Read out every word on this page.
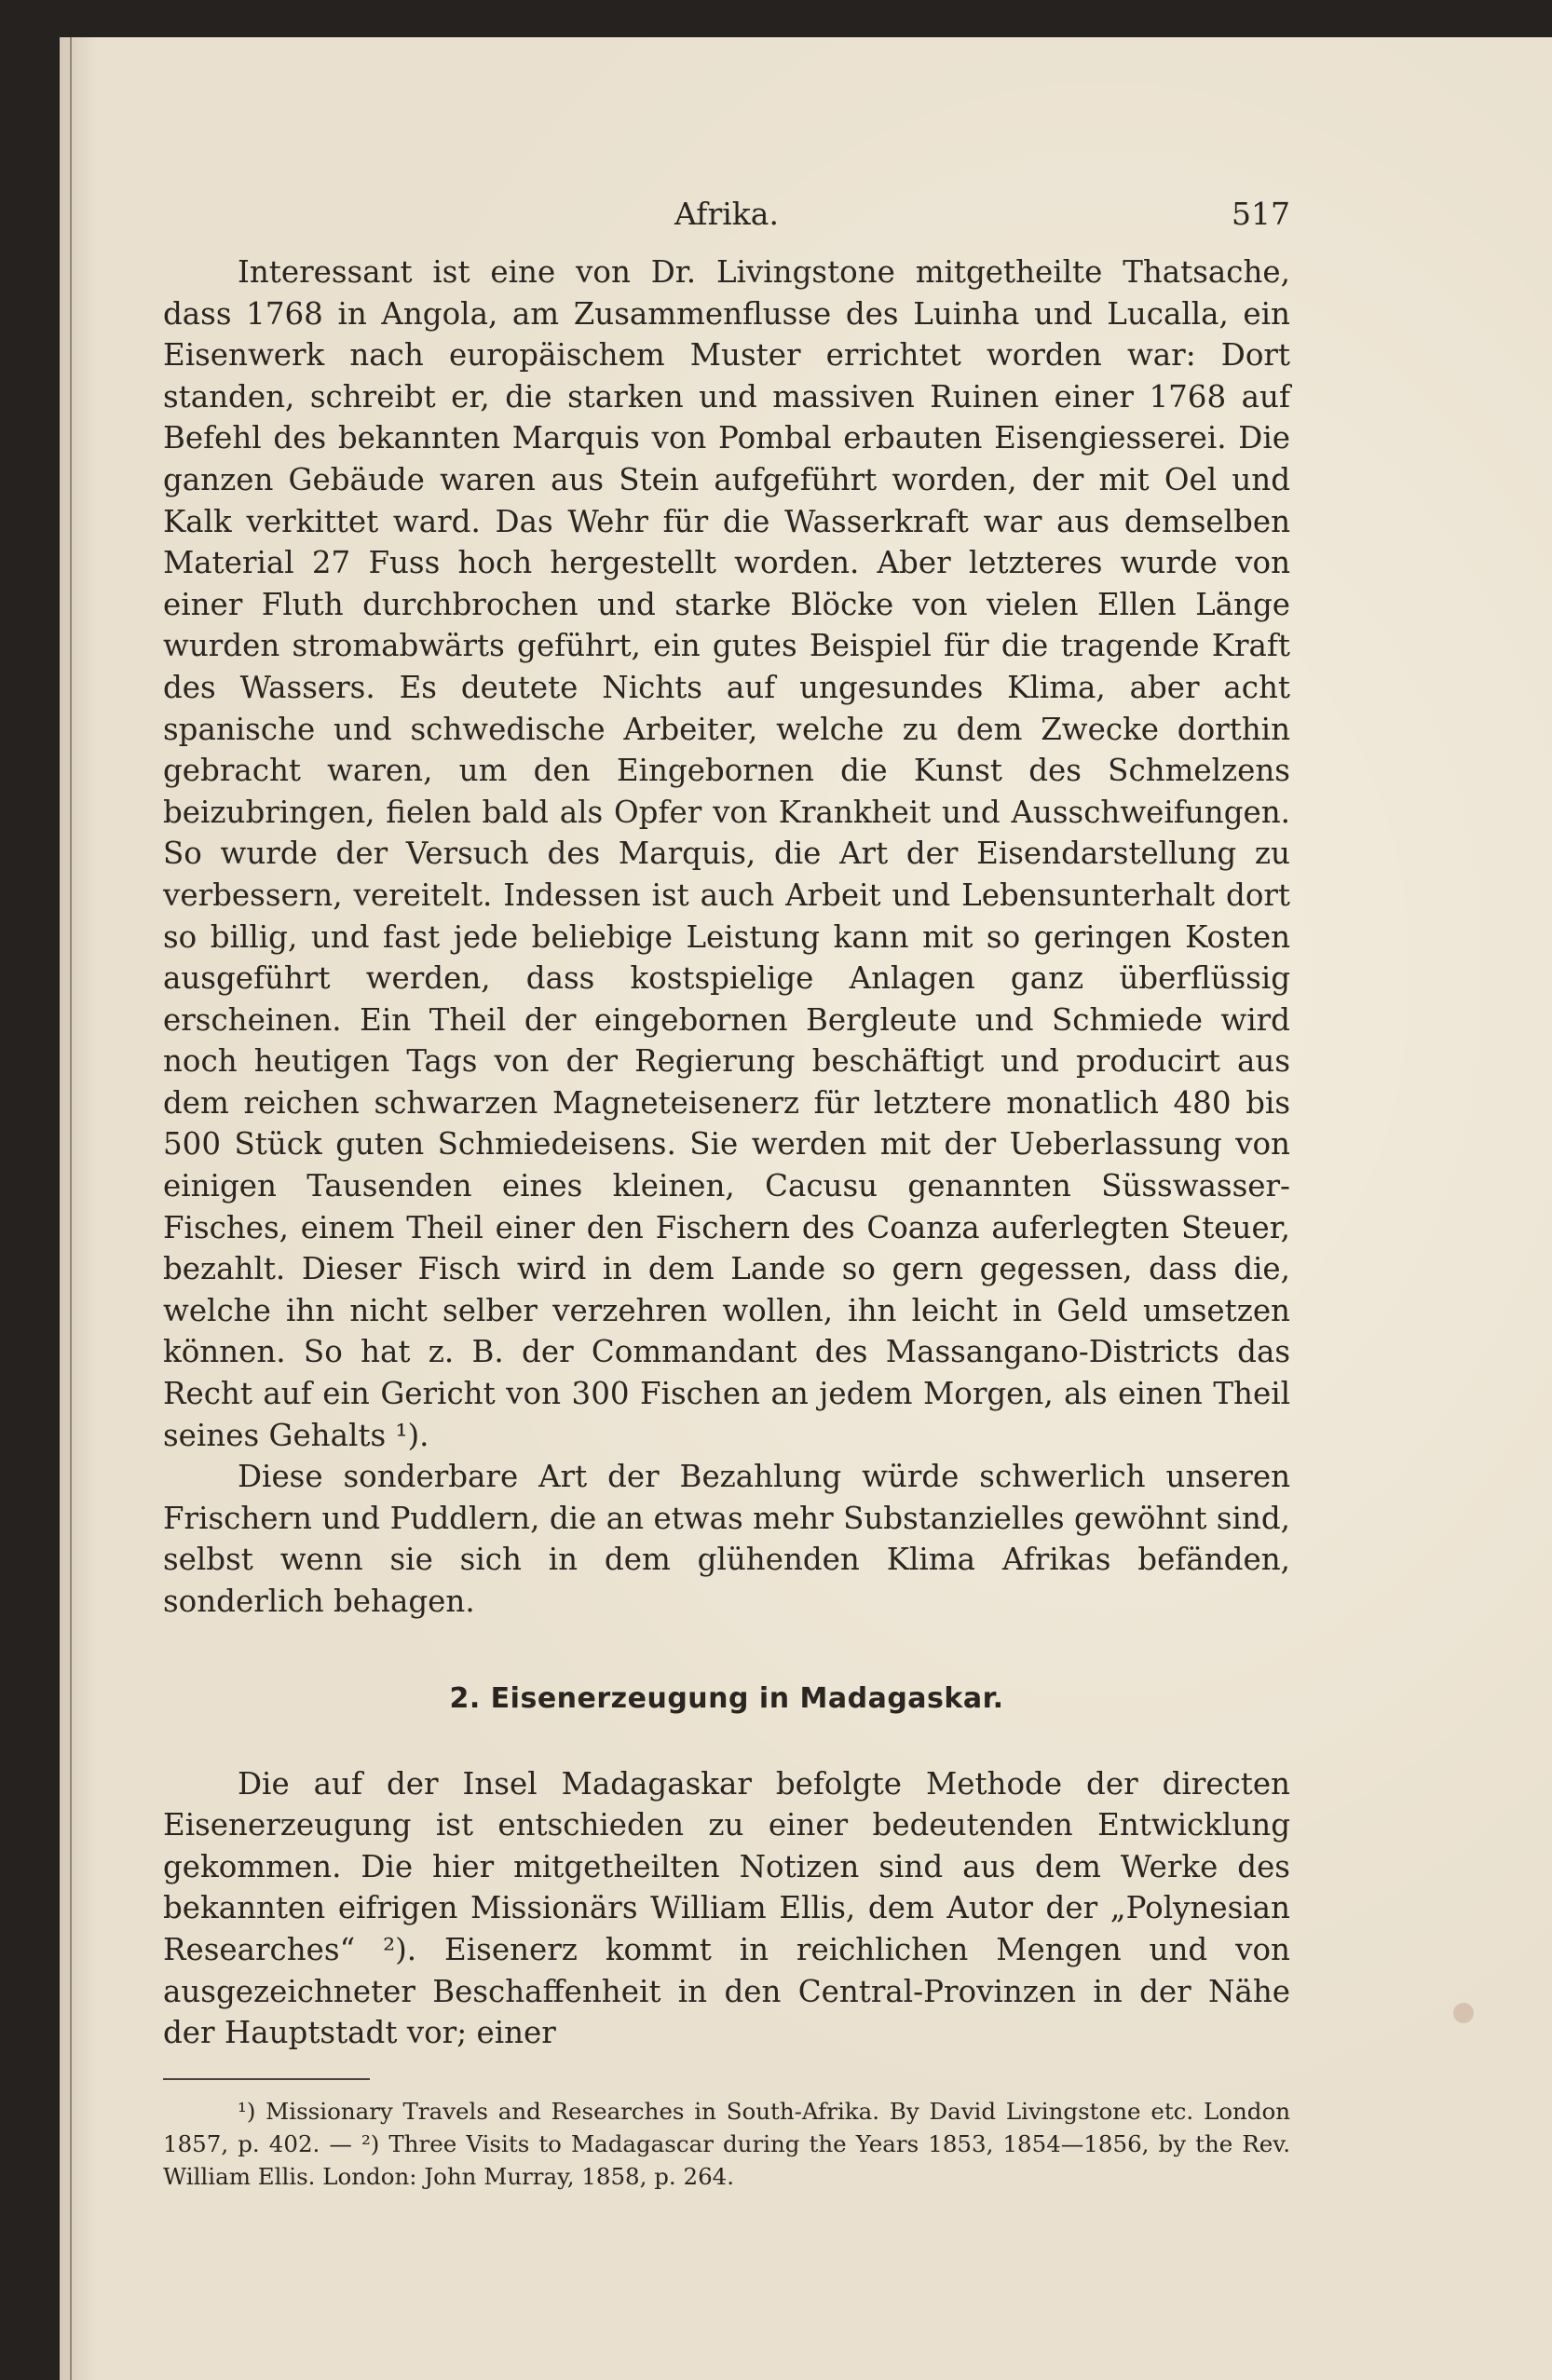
Afrika.	517

Interessant ist eine von Dr. Livingstone mitgetheilte Thatsache, dass 1768 in Angola, am Zusammenflusse des Luinha und Lucalla, ein Eisenwerk nach europäischem Muster errichtet worden war: Dort standen, schreibt er, die starken und massiven Ruinen einer 1768 auf Befehl des bekannten Marquis von Pombal erbauten Eisengiesserei. Die ganzen Gebäude waren aus Stein aufgeführt worden, der mit Oel und Kalk verkittet ward. Das Wehr für die Wasserkraft war aus demselben Material 27 Fuss hoch hergestellt worden. Aber letzteres wurde von einer Fluth durchbrochen und starke Blöcke von vielen Ellen Länge wurden stromabwärts geführt, ein gutes Beispiel für die tragende Kraft des Wassers. Es deutete Nichts auf ungesundes Klima, aber acht spanische und schwedische Arbeiter, welche zu dem Zwecke dorthin gebracht waren, um den Eingebornen die Kunst des Schmelzens beizubringen, fielen bald als Opfer von Krankheit und Ausschweifungen. So wurde der Versuch des Marquis, die Art der Eisendarstellung zu verbessern, vereitelt. Indessen ist auch Arbeit und Lebensunterhalt dort so billig, und fast jede beliebige Leistung kann mit so geringen Kosten ausgeführt werden, dass kostspielige Anlagen ganz überflüssig erscheinen. Ein Theil der eingebornen Bergleute und Schmiede wird noch heutigen Tags von der Regierung beschäftigt und producirt aus dem reichen schwarzen Magneteisenerz für letztere monatlich 480 bis 500 Stück guten Schmiedeisens. Sie werden mit der Ueberlassung von einigen Tausenden eines kleinen, Cacusu genannten Süsswasser-Fisches, einem Theil einer den Fischern des Coanza auferlegten Steuer, bezahlt. Dieser Fisch wird in dem Lande so gern gegessen, dass die, welche ihn nicht selber verzehren wollen, ihn leicht in Geld umsetzen können. So hat z. B. der Commandant des Massangano-Districts das Recht auf ein Gericht von 300 Fischen an jedem Morgen, als einen Theil seines Gehalts ¹).

Diese sonderbare Art der Bezahlung würde schwerlich unseren Frischern und Puddlern, die an etwas mehr Substanzielles gewöhnt sind, selbst wenn sie sich in dem glühenden Klima Afrikas befänden, sonderlich behagen.

2. Eisenerzeugung in Madagaskar.

Die auf der Insel Madagaskar befolgte Methode der directen Eisenerzeugung ist entschieden zu einer bedeutenden Entwicklung gekommen. Die hier mitgetheilten Notizen sind aus dem Werke des bekannten eifrigen Missionärs William Ellis, dem Autor der „Polynesian Researches“ ²). Eisenerz kommt in reichlichen Mengen und von ausgezeichneter Beschaffenheit in den Central-Provinzen in der Nähe der Hauptstadt vor; einer

¹) Missionary Travels and Researches in South-Afrika. By David Livingstone etc. London 1857, p. 402. — ²) Three Visits to Madagascar during the Years 1853, 1854—1856, by the Rev. William Ellis. London: John Murray, 1858, p. 264.
